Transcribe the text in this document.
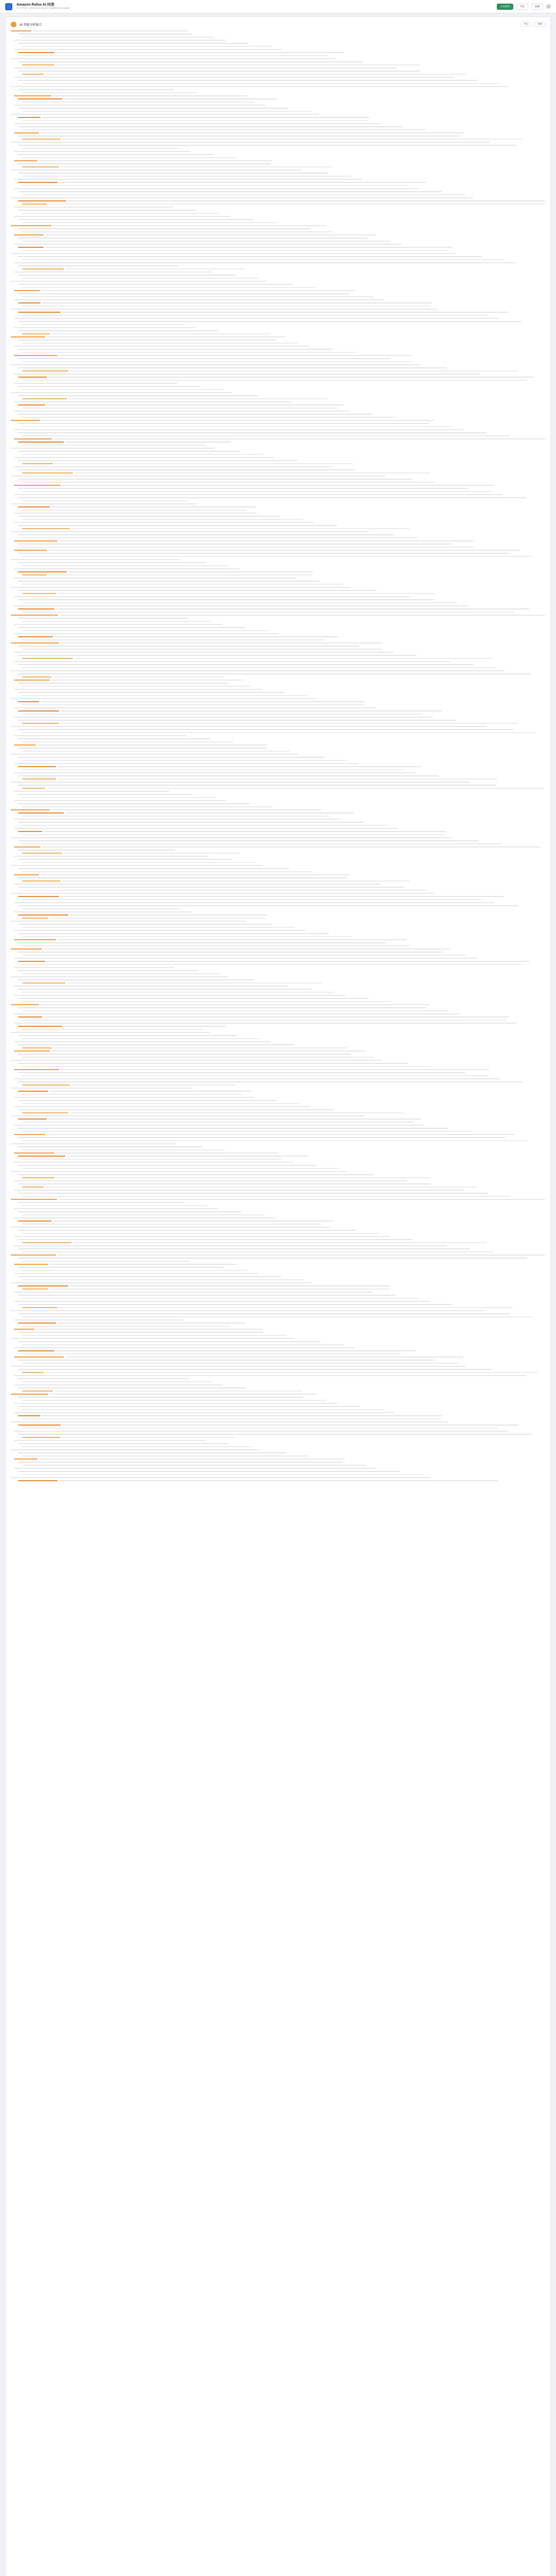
Amazon Rufus AI 问答
由 AI 生成 · 2023-11-14 10:42 · Created by AI Agent
分享结果	导出	收藏
AI 智能分析报告	导出	复制
